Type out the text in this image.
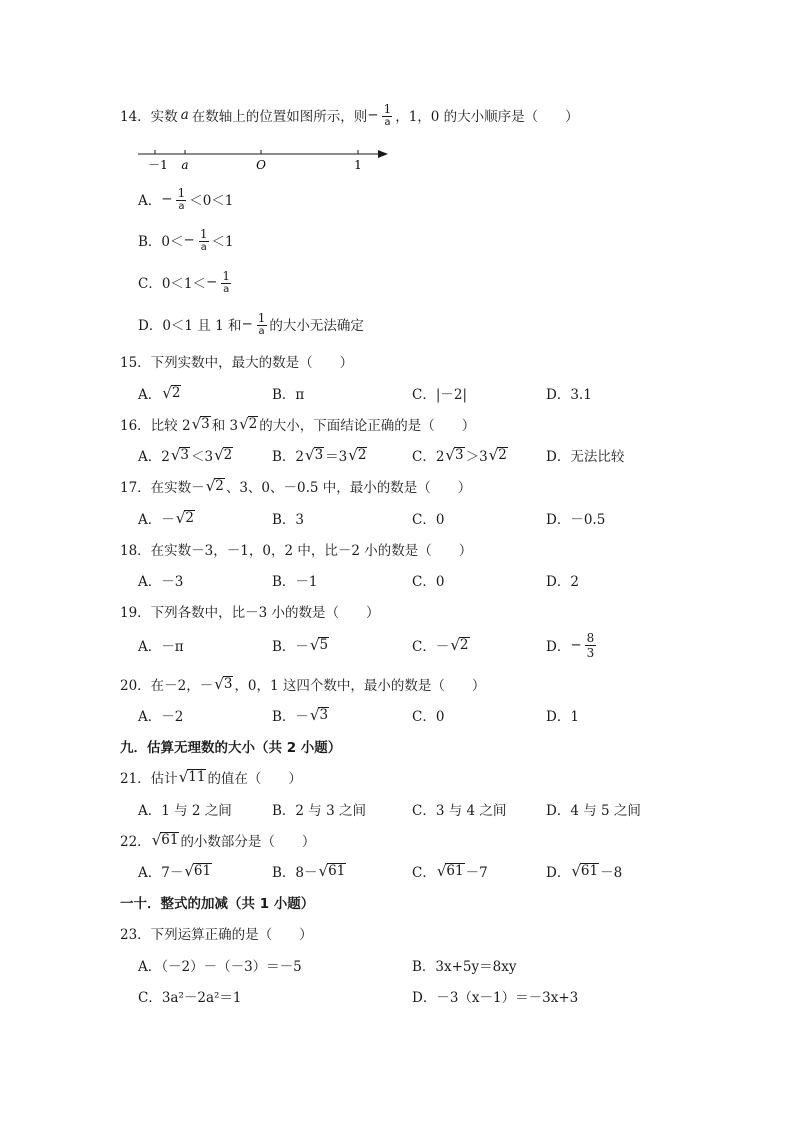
14．实数 a 在数轴上的位置如图所示，则 − $\frac{1}{a}$ ，1，0 的大小顺序是（　　）
－1 a	O	1
A． − $\frac{1}{a} <0<1$
B． $0< - \frac{1}{a} <1$
C． $0<1< - \frac{1}{a}$
D．0＜1 且 1 和 − $\frac{1}{a}$ 的大小无法确定
15．下列实数中，最大的数是（　　）
A． √ 2	B．π	C．|－2|	D．3.1
16．比较 2 √ 3 和 3 √ 2 的大小，下面结论正确的是（　　）
A．2 √ 3 ＜3 √ 2	B．2 √ 3 ＝3 √ 2	C．2 √ 3 ＞3 √ 2	D．无法比较
17．在实数－ √ 2 、3、0、－0.5 中，最小的数是（　　）
A．－ √ 2	B．3	C．0	D．－0.5
18．在实数－3，－1，0，2 中，比－2 小的数是（　　）
A．－3	B．－1	C．0	D．2
19．下列各数中，比－3 小的数是（　　）
A．－π	B．－ √ 5	C．－ √ 2	D． − $\frac{8}{3}$
20．在－2，－ √ 3 ，0，1 这四个数中，最小的数是（　　）
A．－2	B．－ √ 3	C．0	D．1
九．估算无理数的大小（共 2 小题）
21．估计 √ 11 的值在（　　）
A．1 与 2 之间	B．2 与 3 之间	C．3 与 4 之间	D．4 与 5 之间
22． √ 61 的小数部分是（　　）
A．7－ √ 61	B．8－ √ 61	C． √ 61 －7	D． √ 61 －8
一十．整式的加减（共 1 小题）
23．下列运算正确的是（　　）
A．（－2）－（－3）＝－5	B．3x+5y＝8xy
C．3a²－2a²＝1	D．－3（x－1）＝－3x+3
